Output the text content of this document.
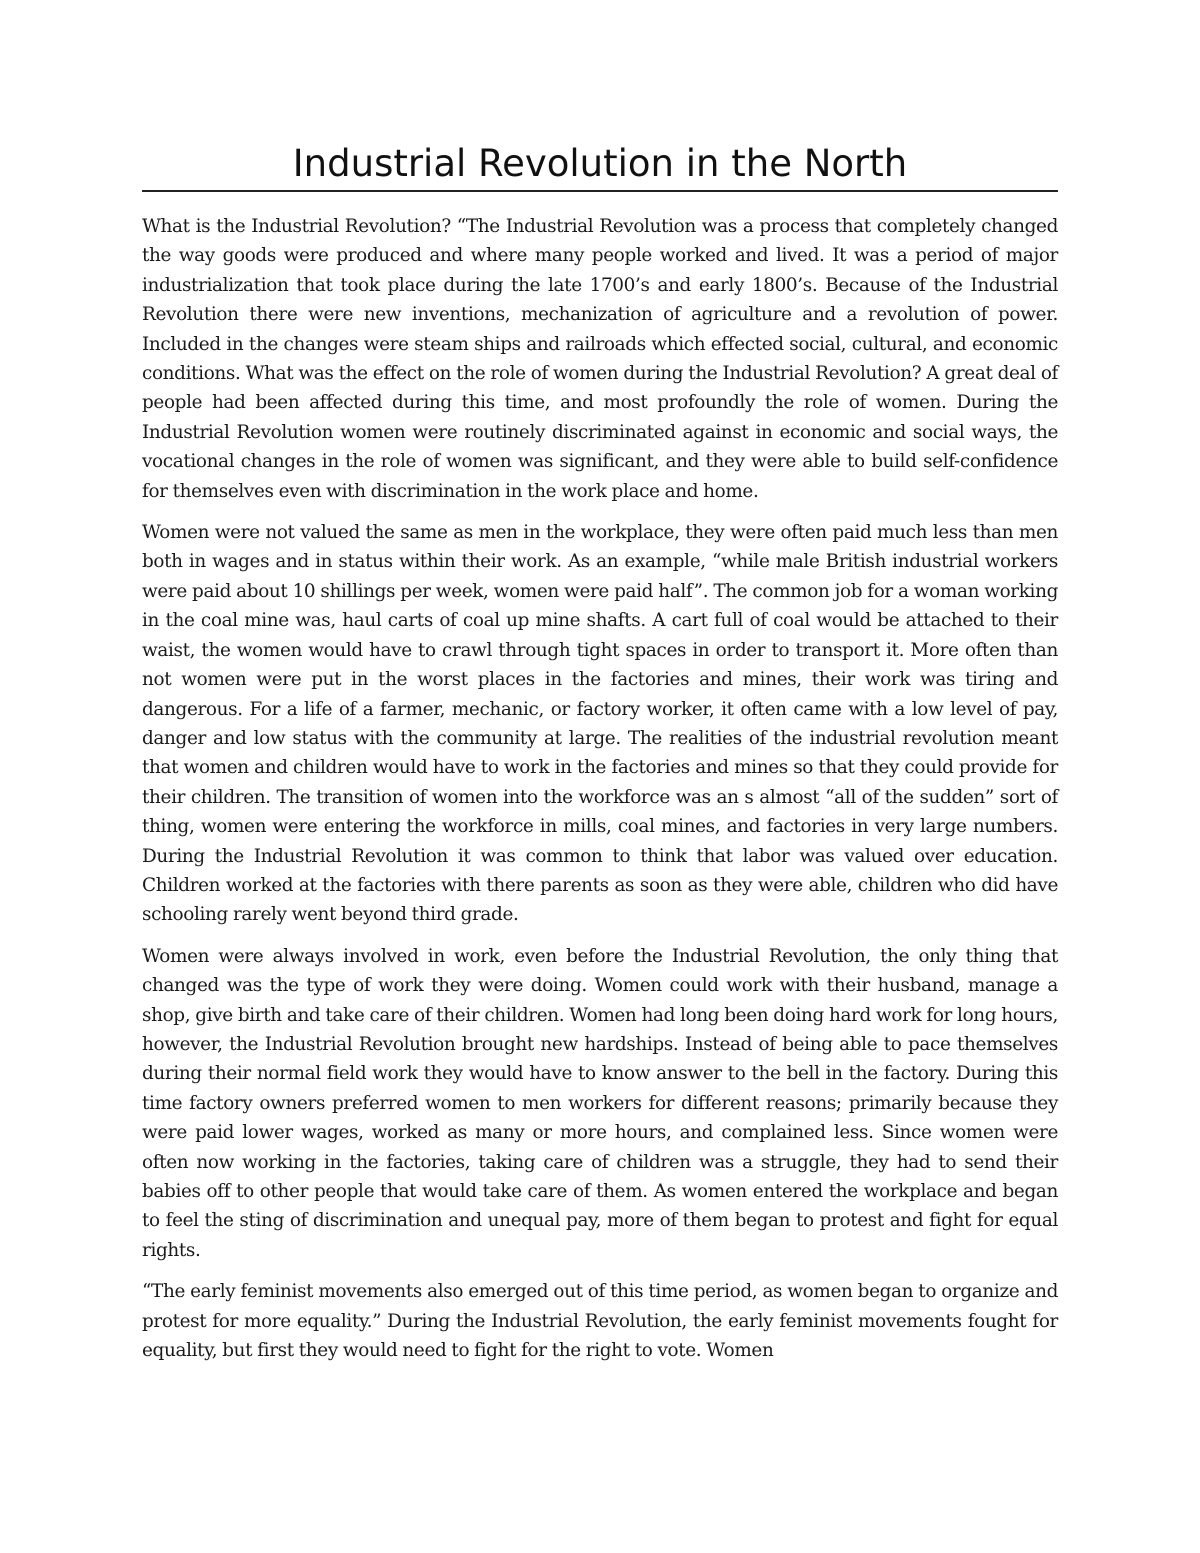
Industrial Revolution in the North

What is the Industrial Revolution? “The Industrial Revolution was a process that completely changed the way goods were produced and where many people worked and lived. It was a period of major industrialization that took place during the late 1700’s and early 1800’s. Because of the Industrial Revolution there were new inventions, mechanization of agriculture and a revolution of power. Included in the changes were steam ships and railroads which effected social, cultural, and economic conditions. What was the effect on the role of women during the Industrial Revolution? A great deal of people had been affected during this time, and most profoundly the role of women. During the Industrial Revolution women were routinely discriminated against in economic and social ways, the vocational changes in the role of women was significant, and they were able to build self-confidence for themselves even with discrimination in the work place and home.

Women were not valued the same as men in the workplace, they were often paid much less than men both in wages and in status within their work. As an example, “while male British industrial workers were paid about 10 shillings per week, women were paid half”. The common job for a woman working in the coal mine was, haul carts of coal up mine shafts. A cart full of coal would be attached to their waist, the women would have to crawl through tight spaces in order to transport it. More often than not women were put in the worst places in the factories and mines, their work was tiring and dangerous. For a life of a farmer, mechanic, or factory worker, it often came with a low level of pay, danger and low status with the community at large. The realities of the industrial revolution meant that women and children would have to work in the factories and mines so that they could provide for their children. The transition of women into the workforce was an s almost “all of the sudden” sort of thing, women were entering the workforce in mills, coal mines, and factories in very large numbers. During the Industrial Revolution it was common to think that labor was valued over education. Children worked at the factories with there parents as soon as they were able, children who did have schooling rarely went beyond third grade.

Women were always involved in work, even before the Industrial Revolution, the only thing that changed was the type of work they were doing. Women could work with their husband, manage a shop, give birth and take care of their children. Women had long been doing hard work for long hours, however, the Industrial Revolution brought new hardships. Instead of being able to pace themselves during their normal field work they would have to know answer to the bell in the factory. During this time factory owners preferred women to men workers for different reasons; primarily because they were paid lower wages, worked as many or more hours, and complained less. Since women were often now working in the factories, taking care of children was a struggle, they had to send their babies off to other people that would take care of them. As women entered the workplace and began to feel the sting of discrimination and unequal pay, more of them began to protest and fight for equal rights.

“The early feminist movements also emerged out of this time period, as women began to organize and protest for more equality.” During the Industrial Revolution, the early feminist movements fought for equality, but first they would need to fight for the right to vote. Women
